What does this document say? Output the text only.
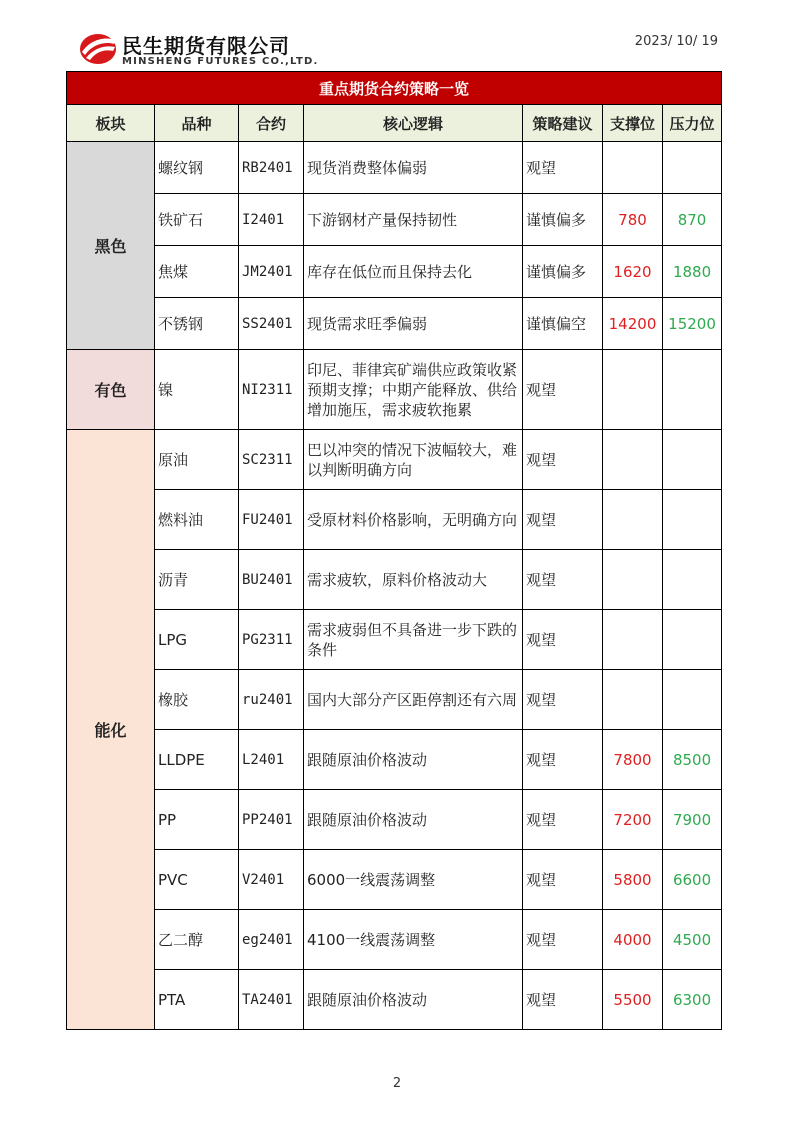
民生期货有限公司
MINSHENG FUTURES CO.,LTD.
2023/ 10/ 19
重点期货合约策略一览						
板块	品种	合约	核心逻辑	策略建议	支撑位	压力位
黑色	螺纹钢	RB2401	现货消费整体偏弱	观望		
	铁矿石	I2401	下游钢材产量保持韧性	谨慎偏多	780	870
	焦煤	JM2401	库存在低位而且保持去化	谨慎偏多	1620	1880
	不锈钢	SS2401	现货需求旺季偏弱	谨慎偏空	14200	15200
有色	镍	NI2311	印尼、菲律宾矿端供应政策收紧预期支撑；中期产能释放、供给增加施压，需求疲软拖累	观望		
能化	原油	SC2311	巴以冲突的情况下波幅较大，难以判断明确方向	观望		
	燃料油	FU2401	受原材料价格影响，无明确方向	观望		
	沥青	BU2401	需求疲软，原料价格波动大	观望		
	LPG	PG2311	需求疲弱但不具备进一步下跌的条件	观望		
	橡胶	ru2401	国内大部分产区距停割还有六周	观望		
	LLDPE	L2401	跟随原油价格波动	观望	7800	8500
	PP	PP2401	跟随原油价格波动	观望	7200	7900
	PVC	V2401	6000一线震荡调整	观望	5800	6600
	乙二醇	eg2401	4100一线震荡调整	观望	4000	4500
	PTA	TA2401	跟随原油价格波动	观望	5500	6300
2
